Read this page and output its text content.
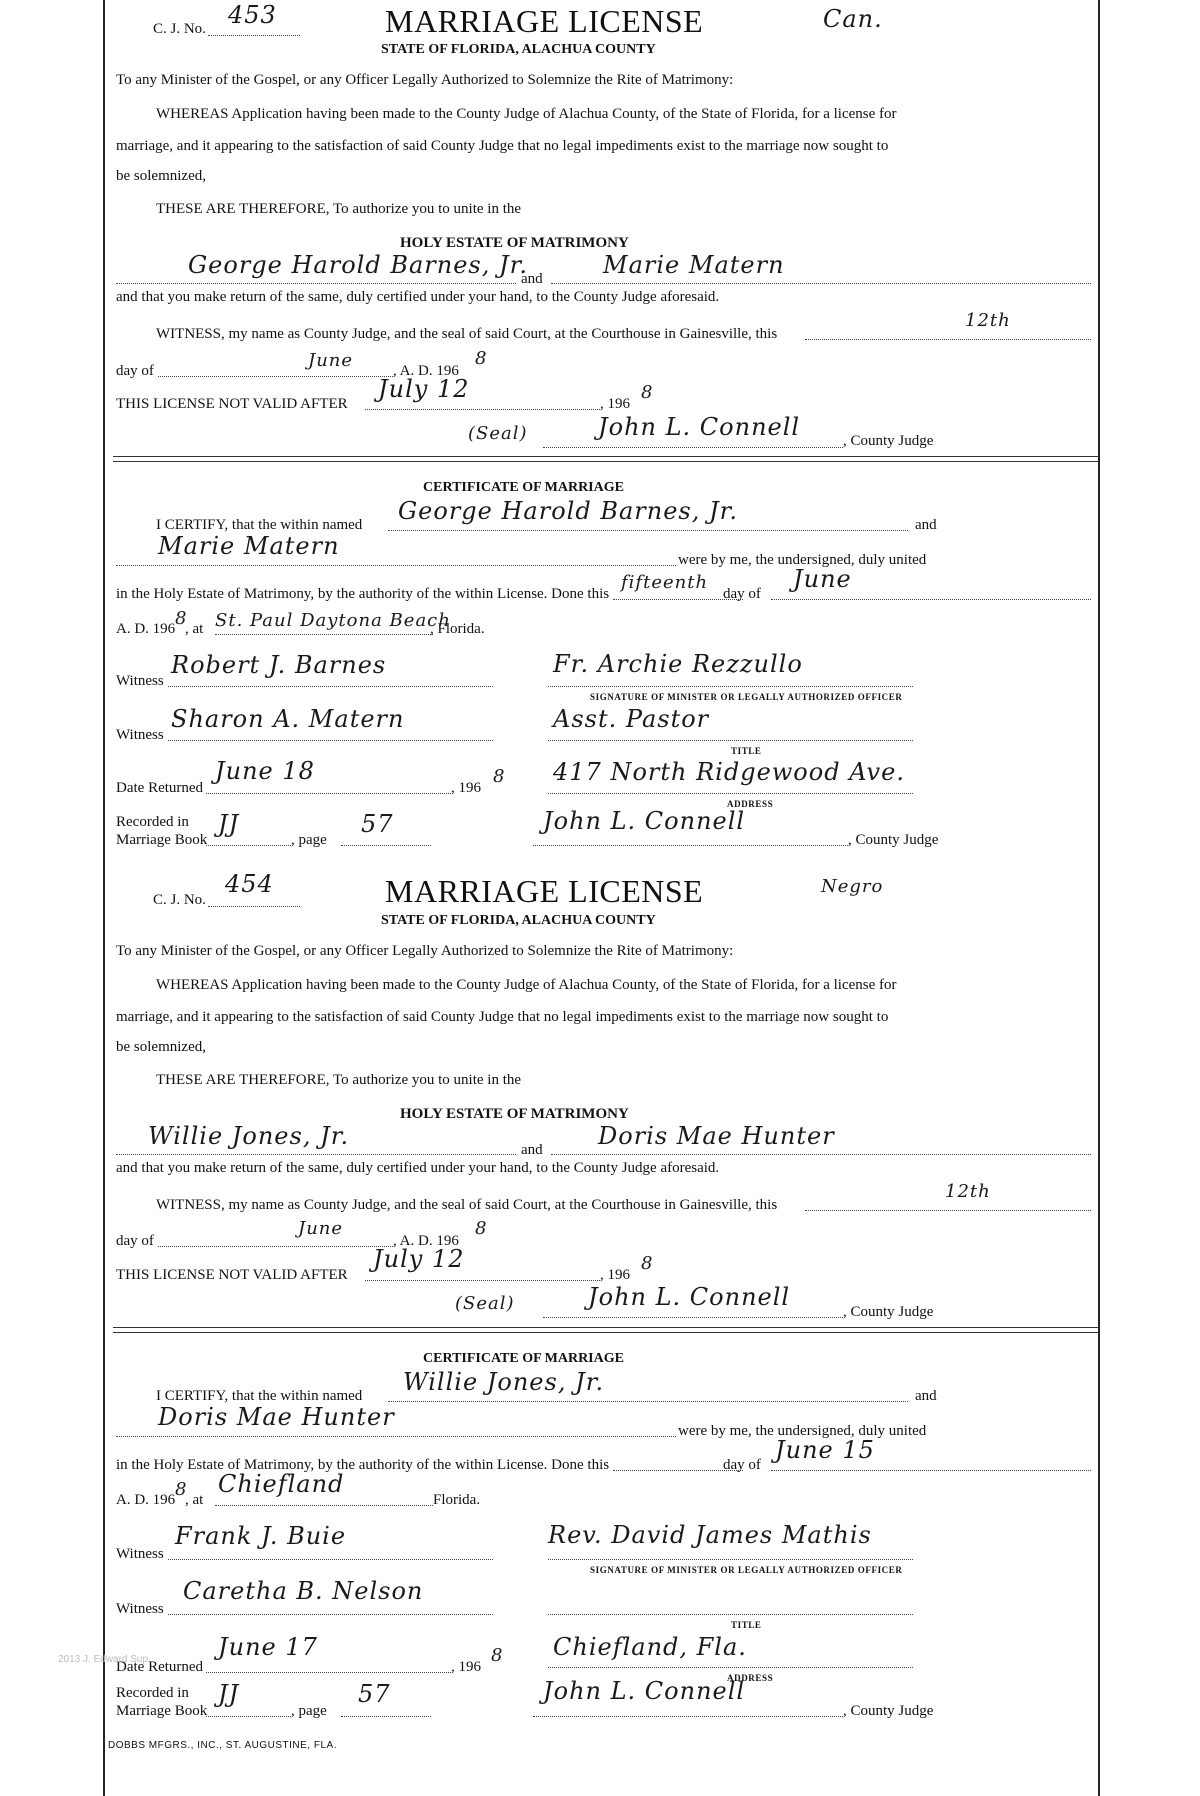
C. J. No. 453	MARRIAGE LICENSE	Can.
STATE OF FLORIDA, ALACHUA COUNTY
To any Minister of the Gospel, or any Officer Legally Authorized to Solemnize the Rite of Matrimony:
WHEREAS Application having been made to the County Judge of Alachua County, of the State of Florida, for a license for
marriage, and it appearing to the satisfaction of said County Judge that no legal impediments exist to the marriage now sought to
be solemnized,
THESE ARE THEREFORE, To authorize you to unite in the
HOLY ESTATE OF MATRIMONY
George Harold Barnes, Jr.
and	Marie Matern
and that you make return of the same, duly certified under your hand, to the County Judge aforesaid.
WITNESS, my name as County Judge, and the seal of said Court, at the Courthouse in Gainesville, this
12th
day of	June	, A. D. 196
8
THIS LICENSE NOT VALID AFTER
July 12
, 196
8
(Seal)	John L. Connell	, County Judge
CERTIFICATE OF MARRIAGE
I CERTIFY, that the within named George Harold Barnes, Jr.	and
Marie Matern	were by me, the undersigned, duly united
in the Holy Estate of Matrimony, by the authority of the within License. Done this
fifteenth
day of
June
A. D. 196 8
, at St. Paul Daytona Beach
, Florida.
Witness
Robert J. Barnes	Fr. Archie Rezzullo
SIGNATURE OF MINISTER OR LEGALLY AUTHORIZED OFFICER
Witness
Sharon A. Matern	Asst. Pastor
TITLE
Date Returned
June 18
, 196
8 417 North Ridgewood Ave.
ADDRESS
Recorded in
Marriage Book
JJ
, page
57	John L. Connell
, County Judge
C. J. No.
454	MARRIAGE LICENSE	Negro
STATE OF FLORIDA, ALACHUA COUNTY
To any Minister of the Gospel, or any Officer Legally Authorized to Solemnize the Rite of Matrimony:
WHEREAS Application having been made to the County Judge of Alachua County, of the State of Florida, for a license for
marriage, and it appearing to the satisfaction of said County Judge that no legal impediments exist to the marriage now sought to
be solemnized,
THESE ARE THEREFORE, To authorize you to unite in the
HOLY ESTATE OF MATRIMONY
Willie Jones, Jr.	and Doris Mae Hunter
and that you make return of the same, duly certified under your hand, to the County Judge aforesaid.
WITNESS, my name as County Judge, and the seal of said Court, at the Courthouse in Gainesville, this
12th
day of
June
, A. D. 196
8
THIS LICENSE NOT VALID AFTER
July 12
, 196
8
(Seal)	John L. Connell
, County Judge
CERTIFICATE OF MARRIAGE
I CERTIFY, that the within named Willie Jones, Jr.	and
Doris Mae Hunter	were by me, the undersigned, duly united
in the Holy Estate of Matrimony, by the authority of the within License. Done this	day of
June 15
A. D. 196 8
, at
Chiefland
Florida.
Witness
Frank J. Buie	Rev. David James Mathis
SIGNATURE OF MINISTER OR LEGALLY AUTHORIZED OFFICER
Witness
Caretha B. Nelson
TITLE
Date Returned
June 17
, 196
8 Chiefland, Fla.
ADDRESS
Recorded in
Marriage Book
JJ
, page
57	John L. Connell
, County Judge
2013 J. Edward Sup
DOBBS MFGRS., INC., ST. AUGUSTINE, FLA.
